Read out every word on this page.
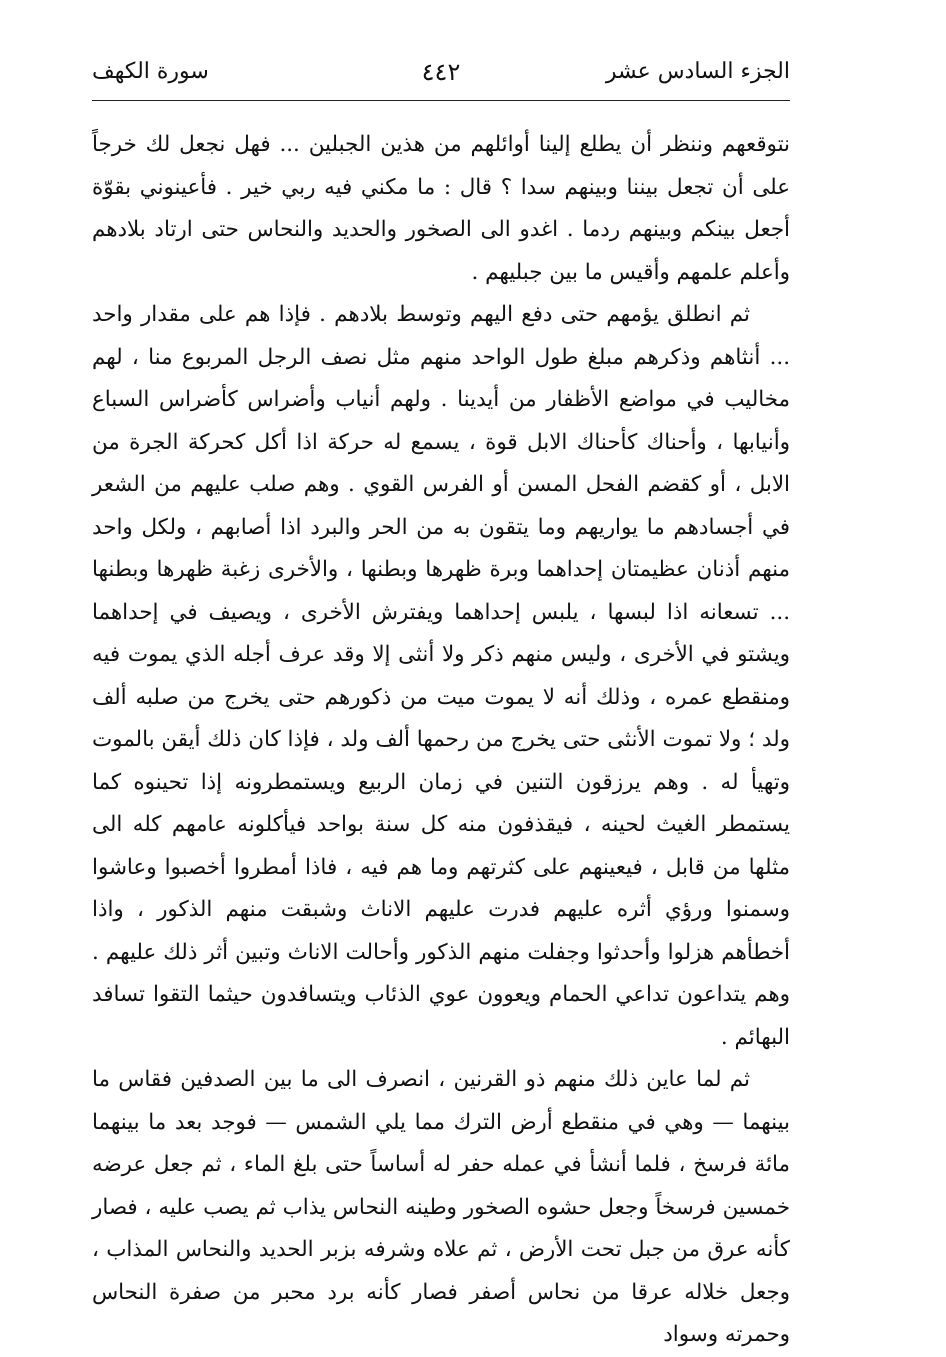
الجزء السادس عشر
٤٤٢
سورة الكهف

نتوقعهم وننظر أن يطلع إلينا أوائلهم من هذين الجبلين ... فهل نجعل لك خرجاً على أن تجعل بيننا وبينهم سدا ؟ قال : ما مكني فيه ربي خير . فأعينوني بقوّة أجعل بينكم وبينهم ردما . اغدو الى الصخور والحديد والنحاس حتى ارتاد بلادهم وأعلم علمهم وأقيس ما بين جبليهم .

ثم انطلق يؤمهم حتى دفع اليهم وتوسط بلادهم . فإذا هم على مقدار واحد ... أنثاهم وذكرهم مبلغ طول الواحد منهم مثل نصف الرجل المربوع منا ، لهم مخاليب في مواضع الأظفار من أيدينا . ولهم أنياب وأضراس كأضراس السباع وأنيابها ، وأحناك كأحناك الابل قوة ، يسمع له حركة اذا أكل كحركة الجرة من الابل ، أو كقضم الفحل المسن أو الفرس القوي . وهم صلب عليهم من الشعر في أجسادهم ما يواريهم وما يتقون به من الحر والبرد اذا أصابهم ، ولكل واحد منهم أذنان عظيمتان إحداهما وبرة ظهرها وبطنها ، والأخرى زغبة ظهرها وبطنها ... تسعانه اذا لبسها ، يلبس إحداهما ويفترش الأخرى ، ويصيف في إحداهما ويشتو في الأخرى ، وليس منهم ذكر ولا أنثى إلا وقد عرف أجله الذي يموت فيه ومنقطع عمره ، وذلك أنه لا يموت ميت من ذكورهم حتى يخرج من صلبه ألف ولد ؛ ولا تموت الأنثى حتى يخرج من رحمها ألف ولد ، فإذا كان ذلك أيقن بالموت وتهيأ له . وهم يرزقون التنين في زمان الربيع ويستمطرونه إذا تحينوه كما يستمطر الغيث لحينه ، فيقذفون منه كل سنة بواحد فيأكلونه عامهم كله الى مثلها من قابل ، فيعينهم على كثرتهم وما هم فيه ، فاذا أمطروا أخصبوا وعاشوا وسمنوا ورؤي أثره عليهم فدرت عليهم الاناث وشبقت منهم الذكور ، واذا أخطأهم هزلوا وأحدثوا وجفلت منهم الذكور وأحالت الاناث وتبين أثر ذلك عليهم . وهم يتداعون تداعي الحمام ويعوون عوي الذئاب ويتسافدون حيثما التقوا تسافد البهائم .

ثم لما عاين ذلك منهم ذو القرنين ، انصرف الى ما بين الصدفين فقاس ما بينهما — وهي في منقطع أرض الترك مما يلي الشمس — فوجد بعد ما بينهما مائة فرسخ ، فلما أنشأ في عمله حفر له أساساً حتى بلغ الماء ، ثم جعل عرضه خمسين فرسخاً وجعل حشوه الصخور وطينه النحاس يذاب ثم يصب عليه ، فصار كأنه عرق من جبل تحت الأرض ، ثم علاه وشرفه بزبر الحديد والنحاس المذاب ، وجعل خلاله عرقا من نحاس أصفر فصار كأنه برد محبر من صفرة النحاس وحمرته وسواد
